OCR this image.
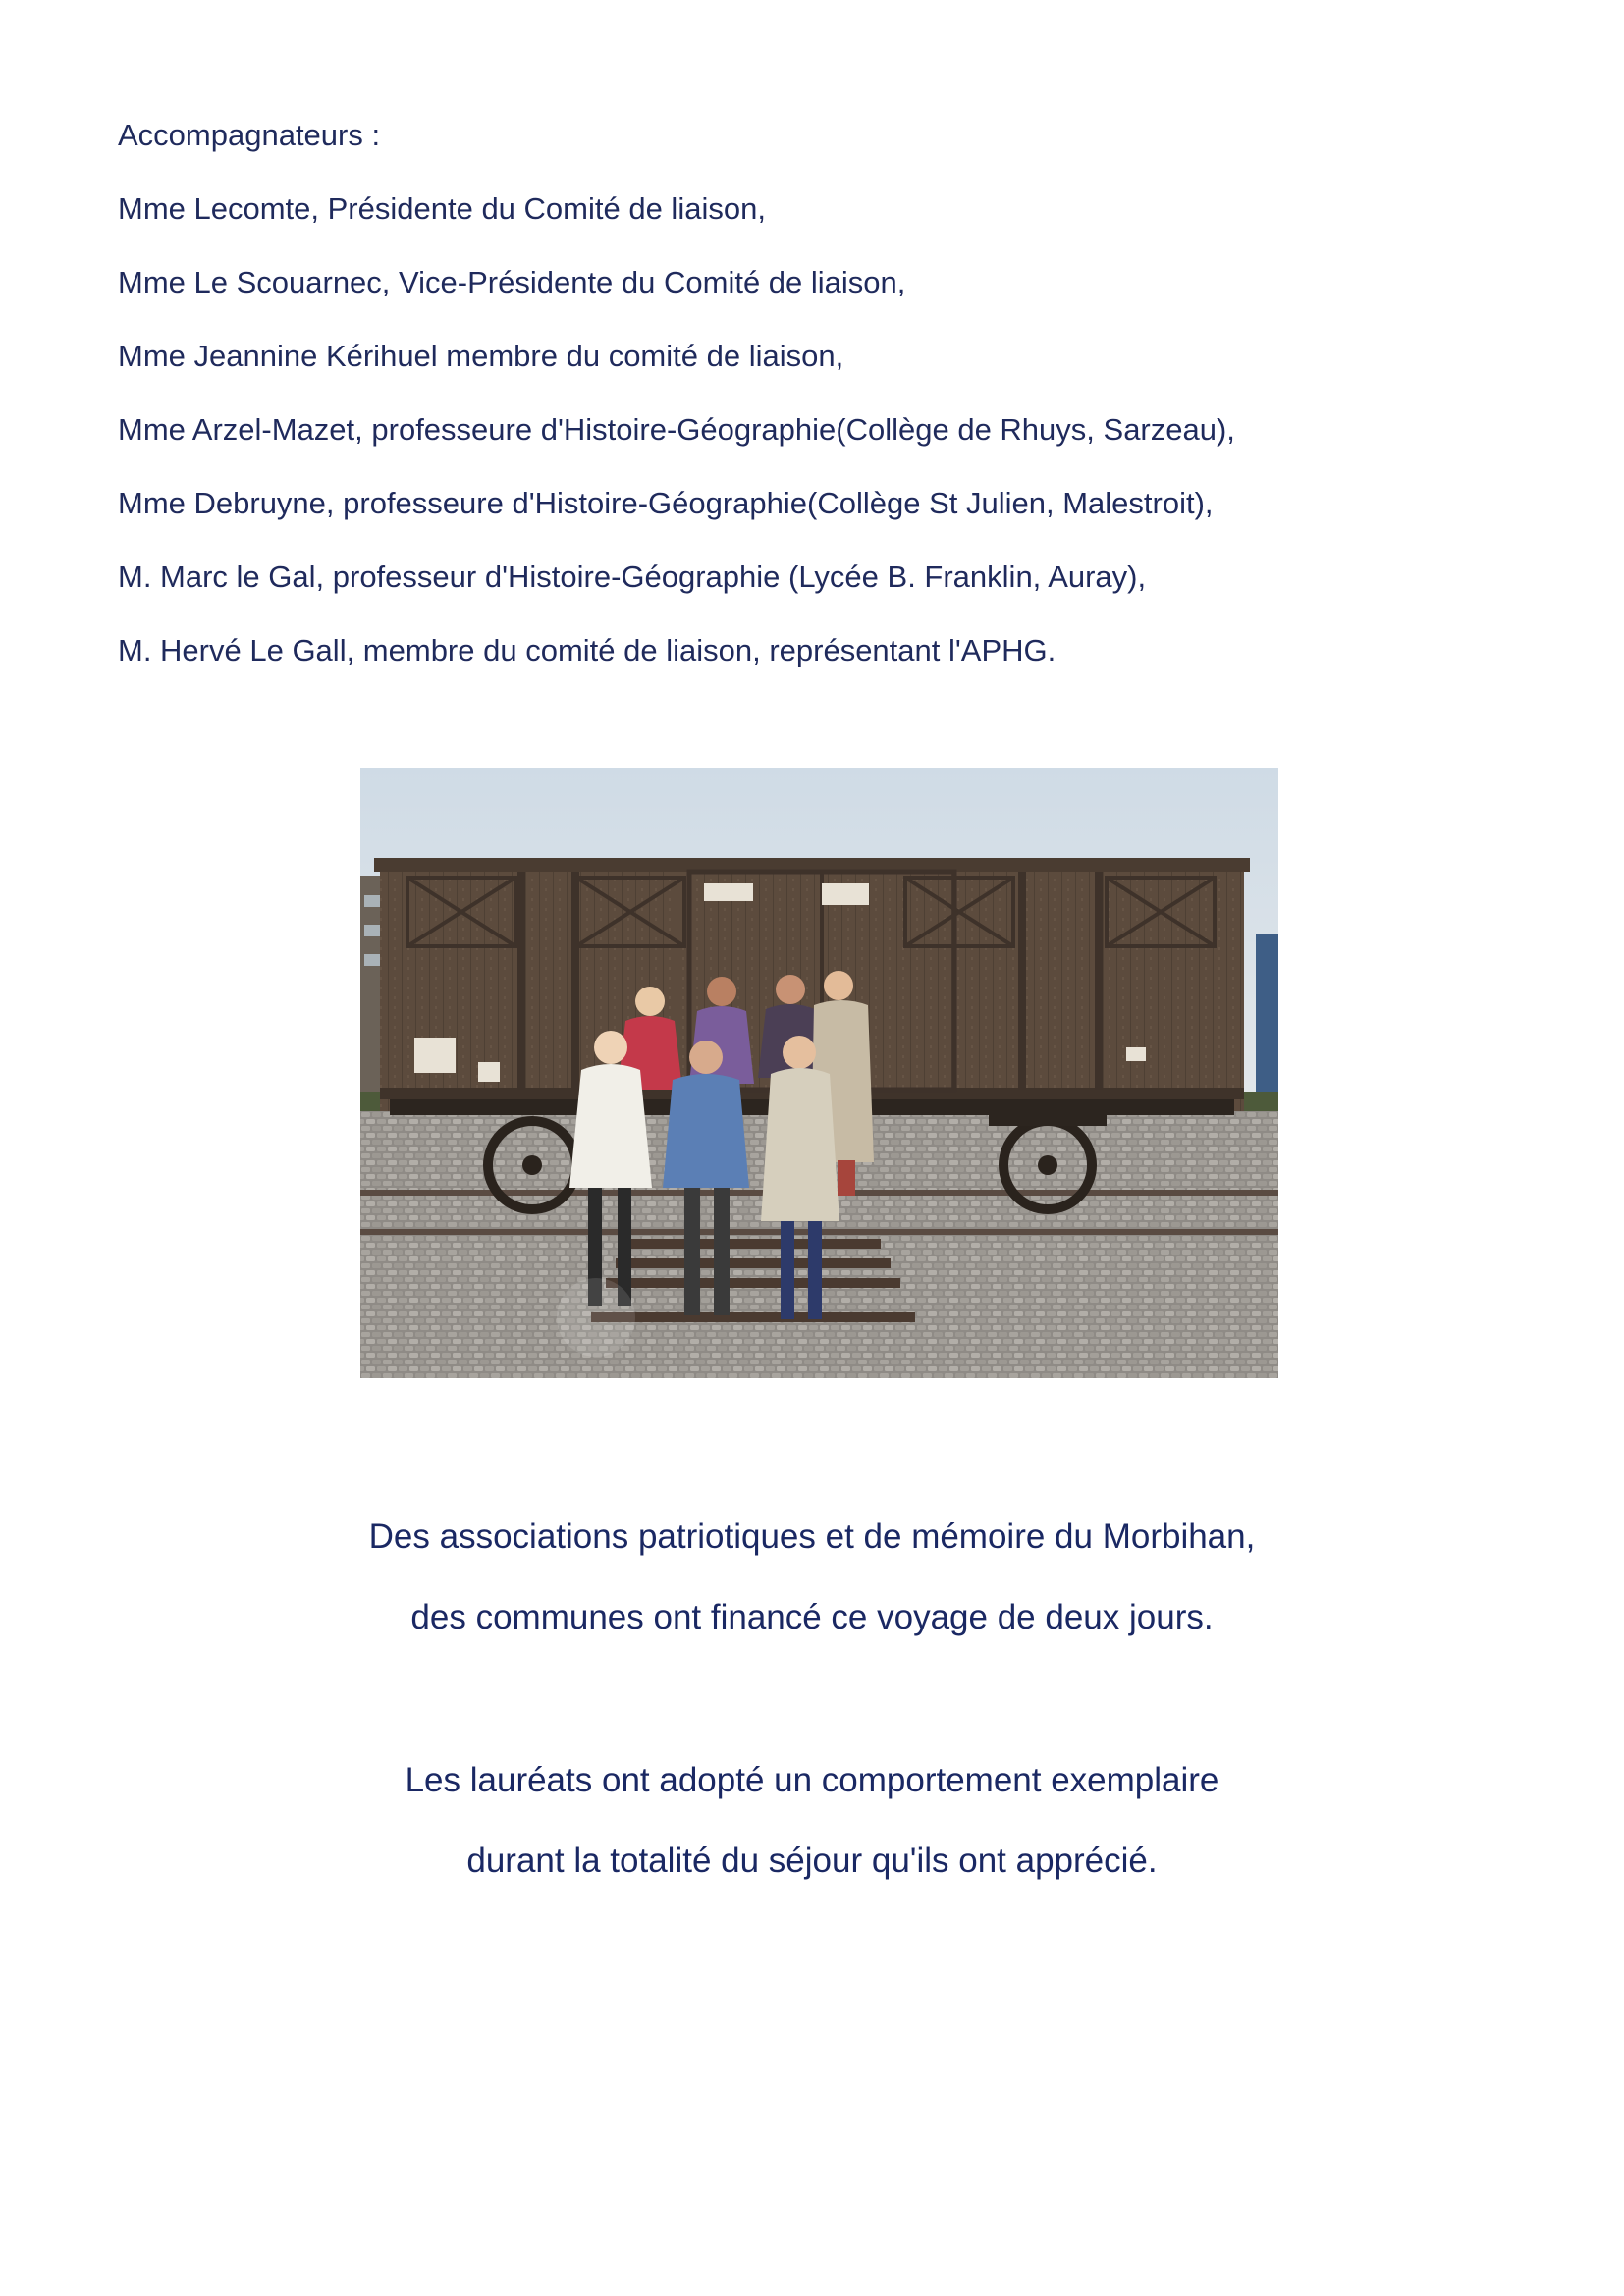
Accompagnateurs :
Mme Lecomte, Présidente du Comité de liaison,
Mme Le Scouarnec, Vice-Présidente du Comité de liaison,
Mme Jeannine Kérihuel membre du comité de liaison,
Mme Arzel-Mazet, professeure d'Histoire-Géographie(Collège de Rhuys, Sarzeau),
Mme Debruyne, professeure d'Histoire-Géographie(Collège St Julien, Malestroit),
M. Marc le Gal, professeur d'Histoire-Géographie (Lycée B. Franklin, Auray),
M. Hervé Le Gall, membre du comité de liaison, représentant l'APHG.

Des associations patriotiques et de mémoire du Morbihan,

des communes ont financé ce voyage de deux jours.

Les lauréats ont adopté un comportement exemplaire

durant la totalité du séjour qu'ils ont apprécié.
